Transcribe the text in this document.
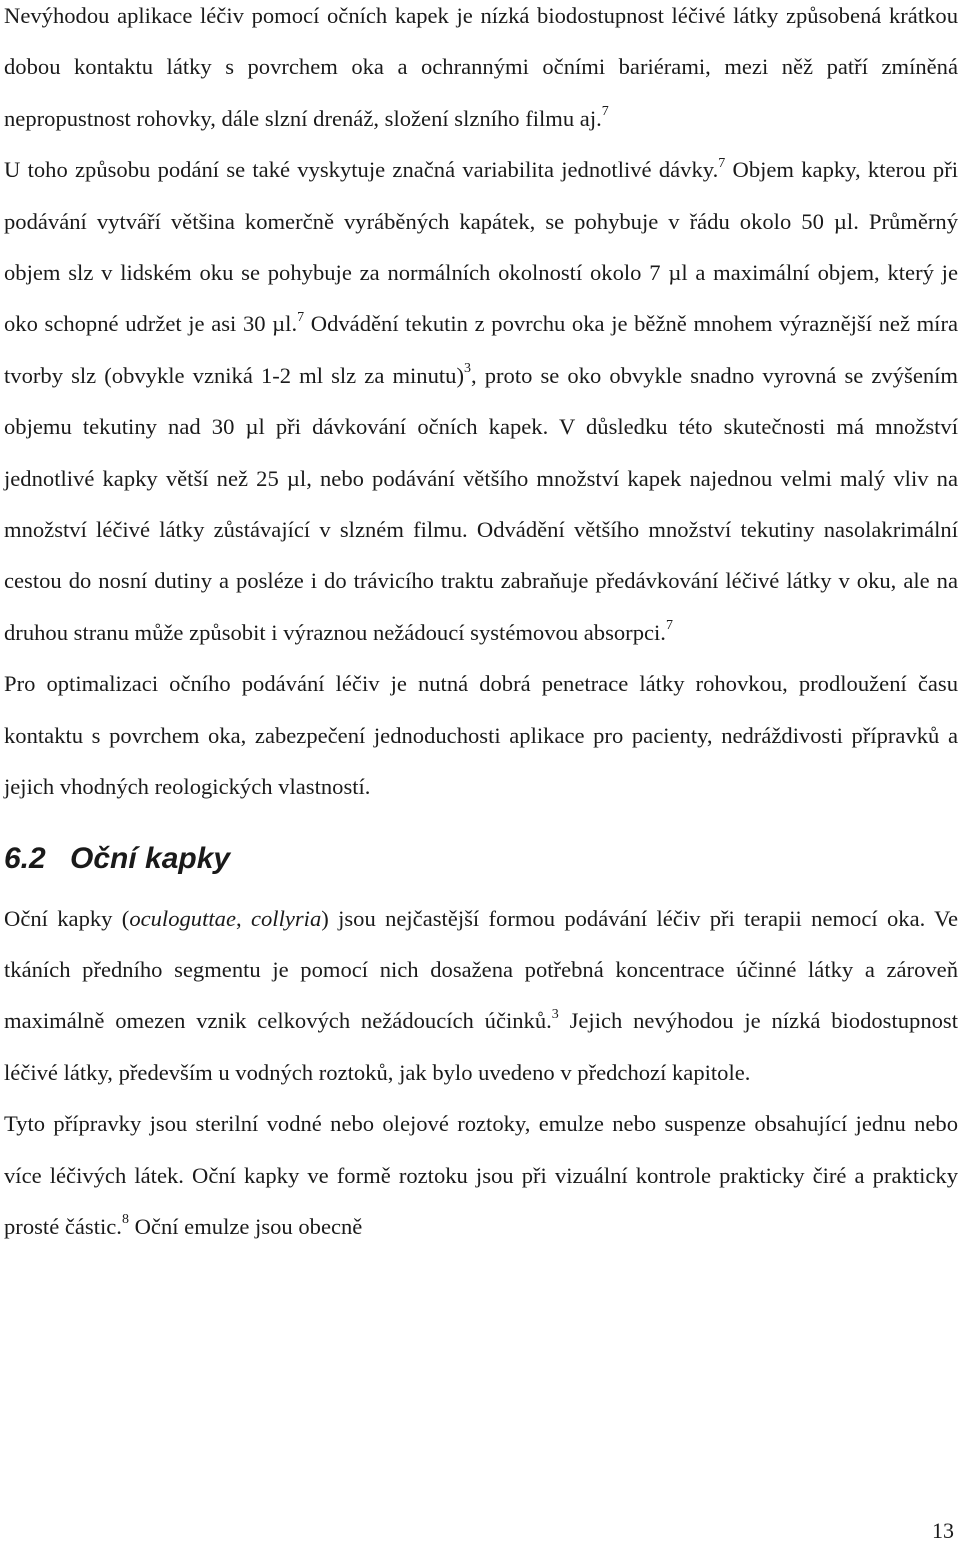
Nevýhodou aplikace léčiv pomocí očních kapek je nízká biodostupnost léčivé látky způsobená krátkou dobou kontaktu látky s povrchem oka a ochrannými očními bariérami, mezi něž patří zmíněná nepropustnost rohovky, dále slzní drenáž, složení slzního filmu aj.$^7$

U toho způsobu podání se také vyskytuje značná variabilita jednotlivé dávky.$^7$ Objem kapky, kterou při podávání vytváří většina komerčně vyráběných kapátek, se pohybuje v řádu okolo 50 µl. Průměrný objem slz v lidském oku se pohybuje za normálních okolností okolo 7 µl a maximální objem, který je oko schopné udržet je asi 30 µl.$^7$ Odvádění tekutin z povrchu oka je běžně mnohem výraznější než míra tvorby slz (obvykle vzniká 1-2 ml slz za minutu)$^3$, proto se oko obvykle snadno vyrovná se zvýšením objemu tekutiny nad 30 µl při dávkování očních kapek. V důsledku této skutečnosti má množství jednotlivé kapky větší než 25 µl, nebo podávání většího množství kapek najednou velmi malý vliv na množství léčivé látky zůstávající v slzném filmu. Odvádění většího množství tekutiny nasolakrimální cestou do nosní dutiny a posléze i do trávicího traktu zabraňuje předávkování léčivé látky v oku, ale na druhou stranu může způsobit i výraznou nežádoucí systémovou absorpci.$^7$

Pro optimalizaci očního podávání léčiv je nutná dobrá penetrace látky rohovkou, prodloužení času kontaktu s povrchem oka, zabezpečení jednoduchosti aplikace pro pacienty, nedráždivosti přípravků a jejich vhodných reologických vlastností.

6.2 Oční kapky

Oční kapky (oculoguttae, collyria) jsou nejčastější formou podávání léčiv při terapii nemocí oka. Ve tkáních předního segmentu je pomocí nich dosažena potřebná koncentrace účinné látky a zároveň maximálně omezen vznik celkových nežádoucích účinků.$^3$ Jejich nevýhodou je nízká biodostupnost léčivé látky, především u vodných roztoků, jak bylo uvedeno v předchozí kapitole.

Tyto přípravky jsou sterilní vodné nebo olejové roztoky, emulze nebo suspenze obsahující jednu nebo více léčivých látek. Oční kapky ve formě roztoku jsou při vizuální kontrole prakticky čiré a prakticky prosté částic.$^8$ Oční emulze jsou obecně

13
